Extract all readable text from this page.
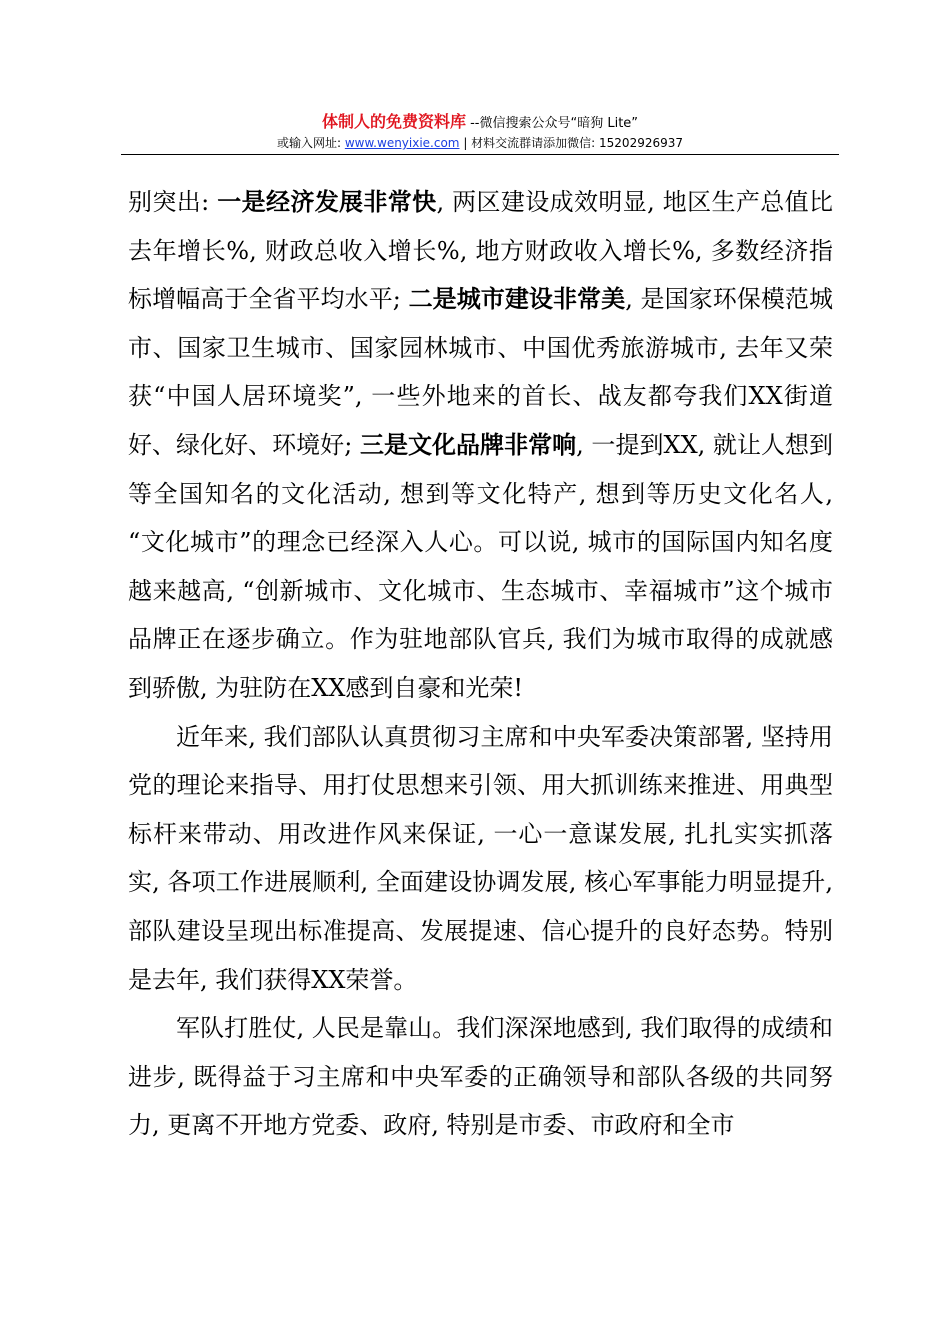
体制人的免费资料库 --微信搜索公众号“暗狗 Lite”
或输入网址: www.wenyixie.com | 材料交流群请添加微信: 15202926937

别突出: 一是经济发展非常快, 两区建设成效明显, 地区生产总值比去年增长%, 财政总收入增长%, 地方财政收入增长%, 多数经济指标增幅高于全省平均水平; 二是城市建设非常美, 是国家环保模范城市、国家卫生城市、国家园林城市、中国优秀旅游城市, 去年又荣获“中国人居环境奖”, 一些外地来的首长、战友都夸我们XX街道好、绿化好、环境好; 三是文化品牌非常响, 一提到XX, 就让人想到等全国知名的文化活动, 想到等文化特产, 想到等历史文化名人, “文化城市”的理念已经深入人心。可以说, 城市的国际国内知名度越来越高, “创新城市、文化城市、生态城市、幸福城市”这个城市品牌正在逐步确立。作为驻地部队官兵, 我们为城市取得的成就感到骄傲, 为驻防在XX感到自豪和光荣!

近年来, 我们部队认真贯彻习主席和中央军委决策部署, 坚持用党的理论来指导、用打仗思想来引领、用大抓训练来推进、用典型标杆来带动、用改进作风来保证, 一心一意谋发展, 扎扎实实抓落实, 各项工作进展顺利, 全面建设协调发展, 核心军事能力明显提升, 部队建设呈现出标准提高、发展提速、信心提升的良好态势。特别是去年, 我们获得XX荣誉。

军队打胜仗, 人民是靠山。我们深深地感到, 我们取得的成绩和进步, 既得益于习主席和中央军委的正确领导和部队各级的共同努力, 更离不开地方党委、政府, 特别是市委、市政府和全市
